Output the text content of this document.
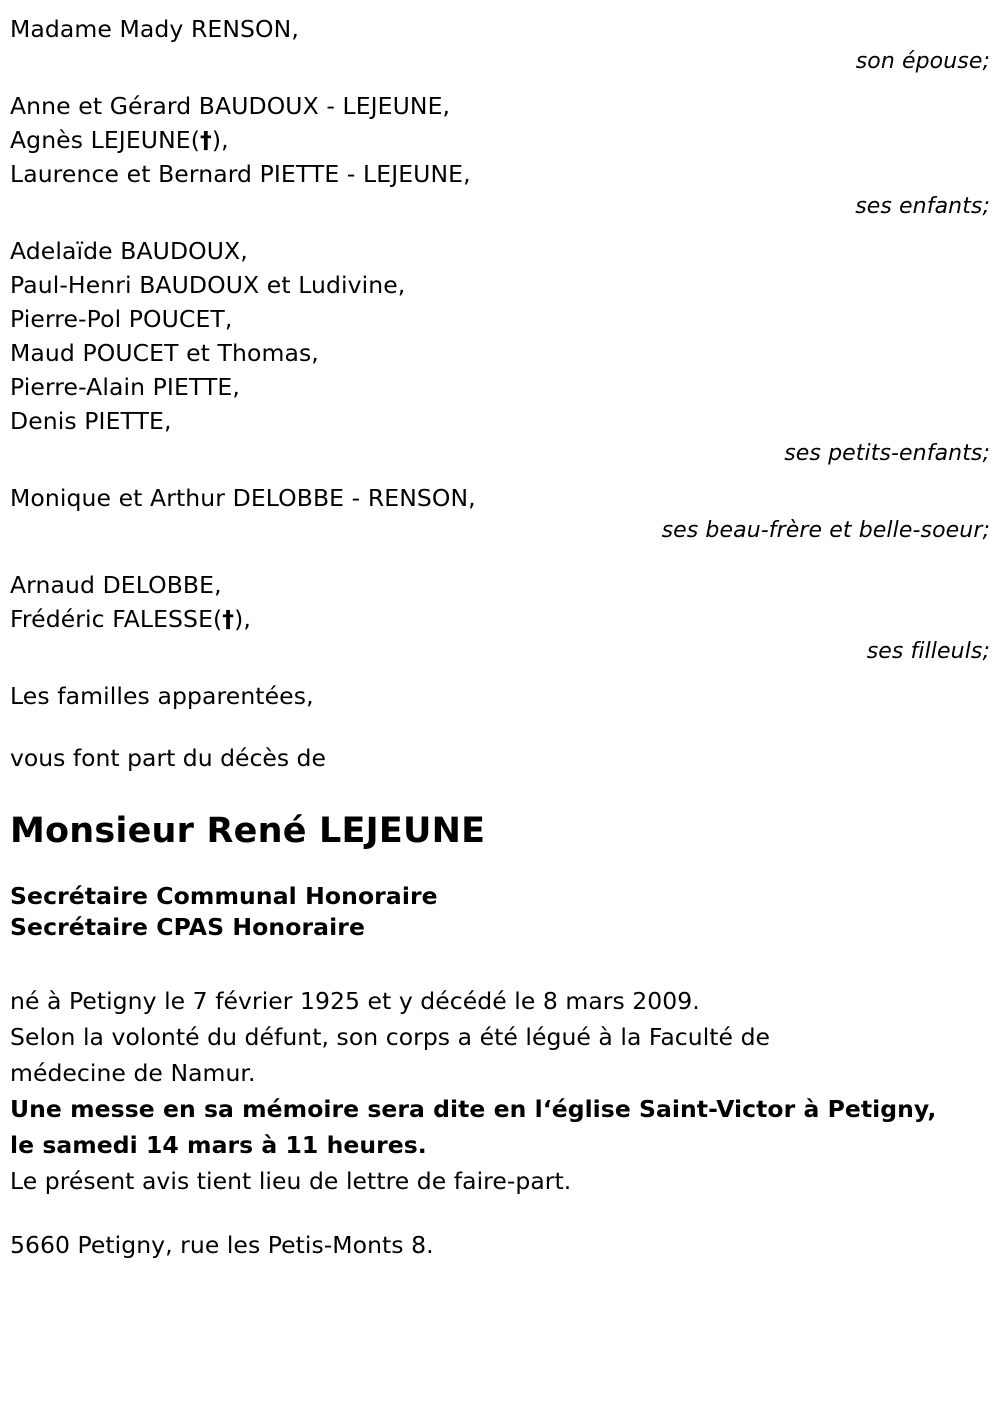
Madame Mady RENSON,
son épouse;
Anne et Gérard BAUDOUX - LEJEUNE,
Agnès LEJEUNE(†),
Laurence et Bernard PIETTE - LEJEUNE,
ses enfants;
Adelaïde BAUDOUX,
Paul-Henri BAUDOUX et Ludivine,
Pierre-Pol POUCET,
Maud POUCET et Thomas,
Pierre-Alain PIETTE,
Denis PIETTE,
ses petits-enfants;
Monique et Arthur DELOBBE - RENSON,
ses beau-frère et belle-soeur;
Arnaud DELOBBE,
Frédéric FALESSE(†),
ses filleuls;
Les familles apparentées,
vous font part du décès de
Monsieur René LEJEUNE
Secrétaire Communal Honoraire
Secrétaire CPAS Honoraire
né à Petigny le 7 février 1925 et y décédé le 8 mars 2009.
Selon la volonté du défunt, son corps a été légué à la Faculté de
médecine de Namur.
Une messe en sa mémoire sera dite en l‘église Saint-Victor à Petigny,
le samedi 14 mars à 11 heures.
Le présent avis tient lieu de lettre de faire-part.
5660 Petigny, rue les Petis-Monts 8.
